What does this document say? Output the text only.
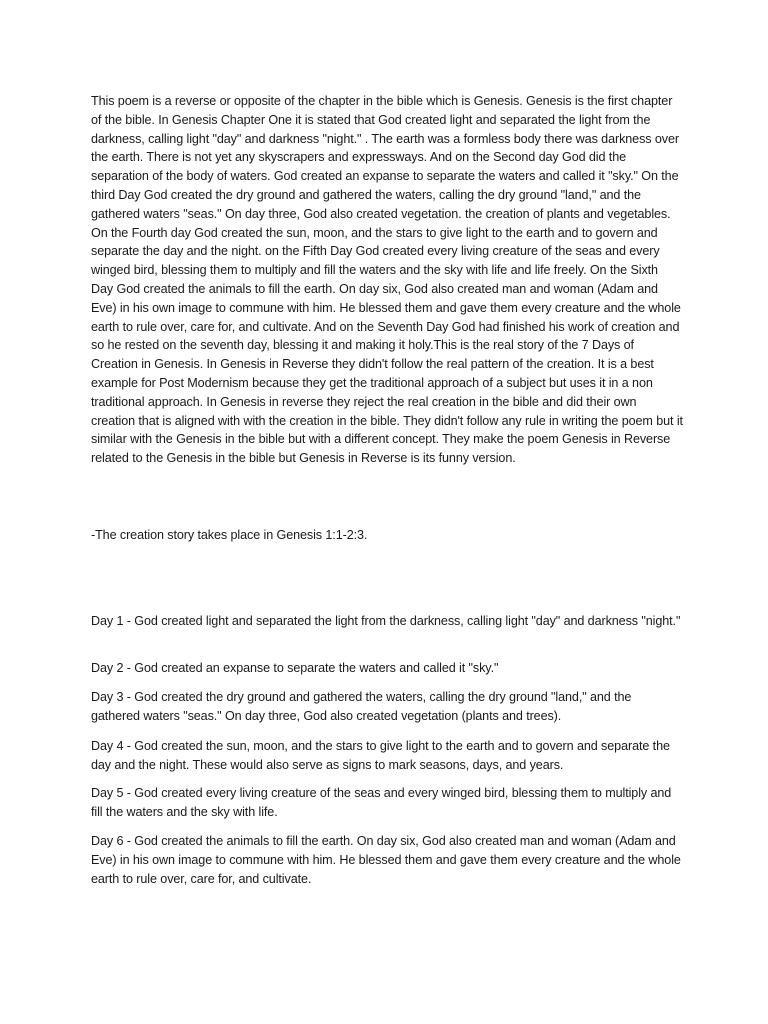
This poem is a reverse or opposite of the chapter in the bible which is Genesis. Genesis is the first chapter of the bible. In Genesis Chapter One it is stated that God created light and separated the light from the darkness, calling light "day" and darkness "night." . The earth was a formless body there was darkness over the earth. There is not yet any skyscrapers and expressways. And on the Second day God did the separation of the body of waters. God created an expanse to separate the waters and called it "sky." On the third Day God created the dry ground and gathered the waters, calling the dry ground "land," and the gathered waters "seas." On day three, God also created vegetation. the creation of plants and vegetables. On the Fourth day God created the sun, moon, and the stars to give light to the earth and to govern and separate the day and the night. on the Fifth Day God created every living creature of the seas and every winged bird, blessing them to multiply and fill the waters and the sky with life and life freely. On the Sixth Day God created the animals to fill the earth. On day six, God also created man and woman (Adam and Eve) in his own image to commune with him. He blessed them and gave them every creature and the whole earth to rule over, care for, and cultivate. And on the Seventh Day God had finished his work of creation and so he rested on the seventh day, blessing it and making it holy.This is the real story of the 7 Days of Creation in Genesis. In Genesis in Reverse they didn't follow the real pattern of the creation. It is a best example for Post Modernism because they get the traditional approach of a subject but uses it in a non traditional approach. In Genesis in reverse they reject the real creation in the bible and did their own creation that is aligned with with the creation in the bible. They didn't follow any rule in writing the poem but it similar with the Genesis in the bible but with a different concept. They make the poem Genesis in Reverse related to the Genesis in the bible but Genesis in Reverse is its funny version.

-The creation story takes place in Genesis 1:1-2:3.

Day 1 - God created light and separated the light from the darkness, calling light "day" and darkness "night."

Day 2 - God created an expanse to separate the waters and called it "sky."

Day 3 - God created the dry ground and gathered the waters, calling the dry ground "land," and the gathered waters "seas." On day three, God also created vegetation (plants and trees).

Day 4 - God created the sun, moon, and the stars to give light to the earth and to govern and separate the day and the night. These would also serve as signs to mark seasons, days, and years.

Day 5 - God created every living creature of the seas and every winged bird, blessing them to multiply and fill the waters and the sky with life.

Day 6 - God created the animals to fill the earth. On day six, God also created man and woman (Adam and Eve) in his own image to commune with him. He blessed them and gave them every creature and the whole earth to rule over, care for, and cultivate.
